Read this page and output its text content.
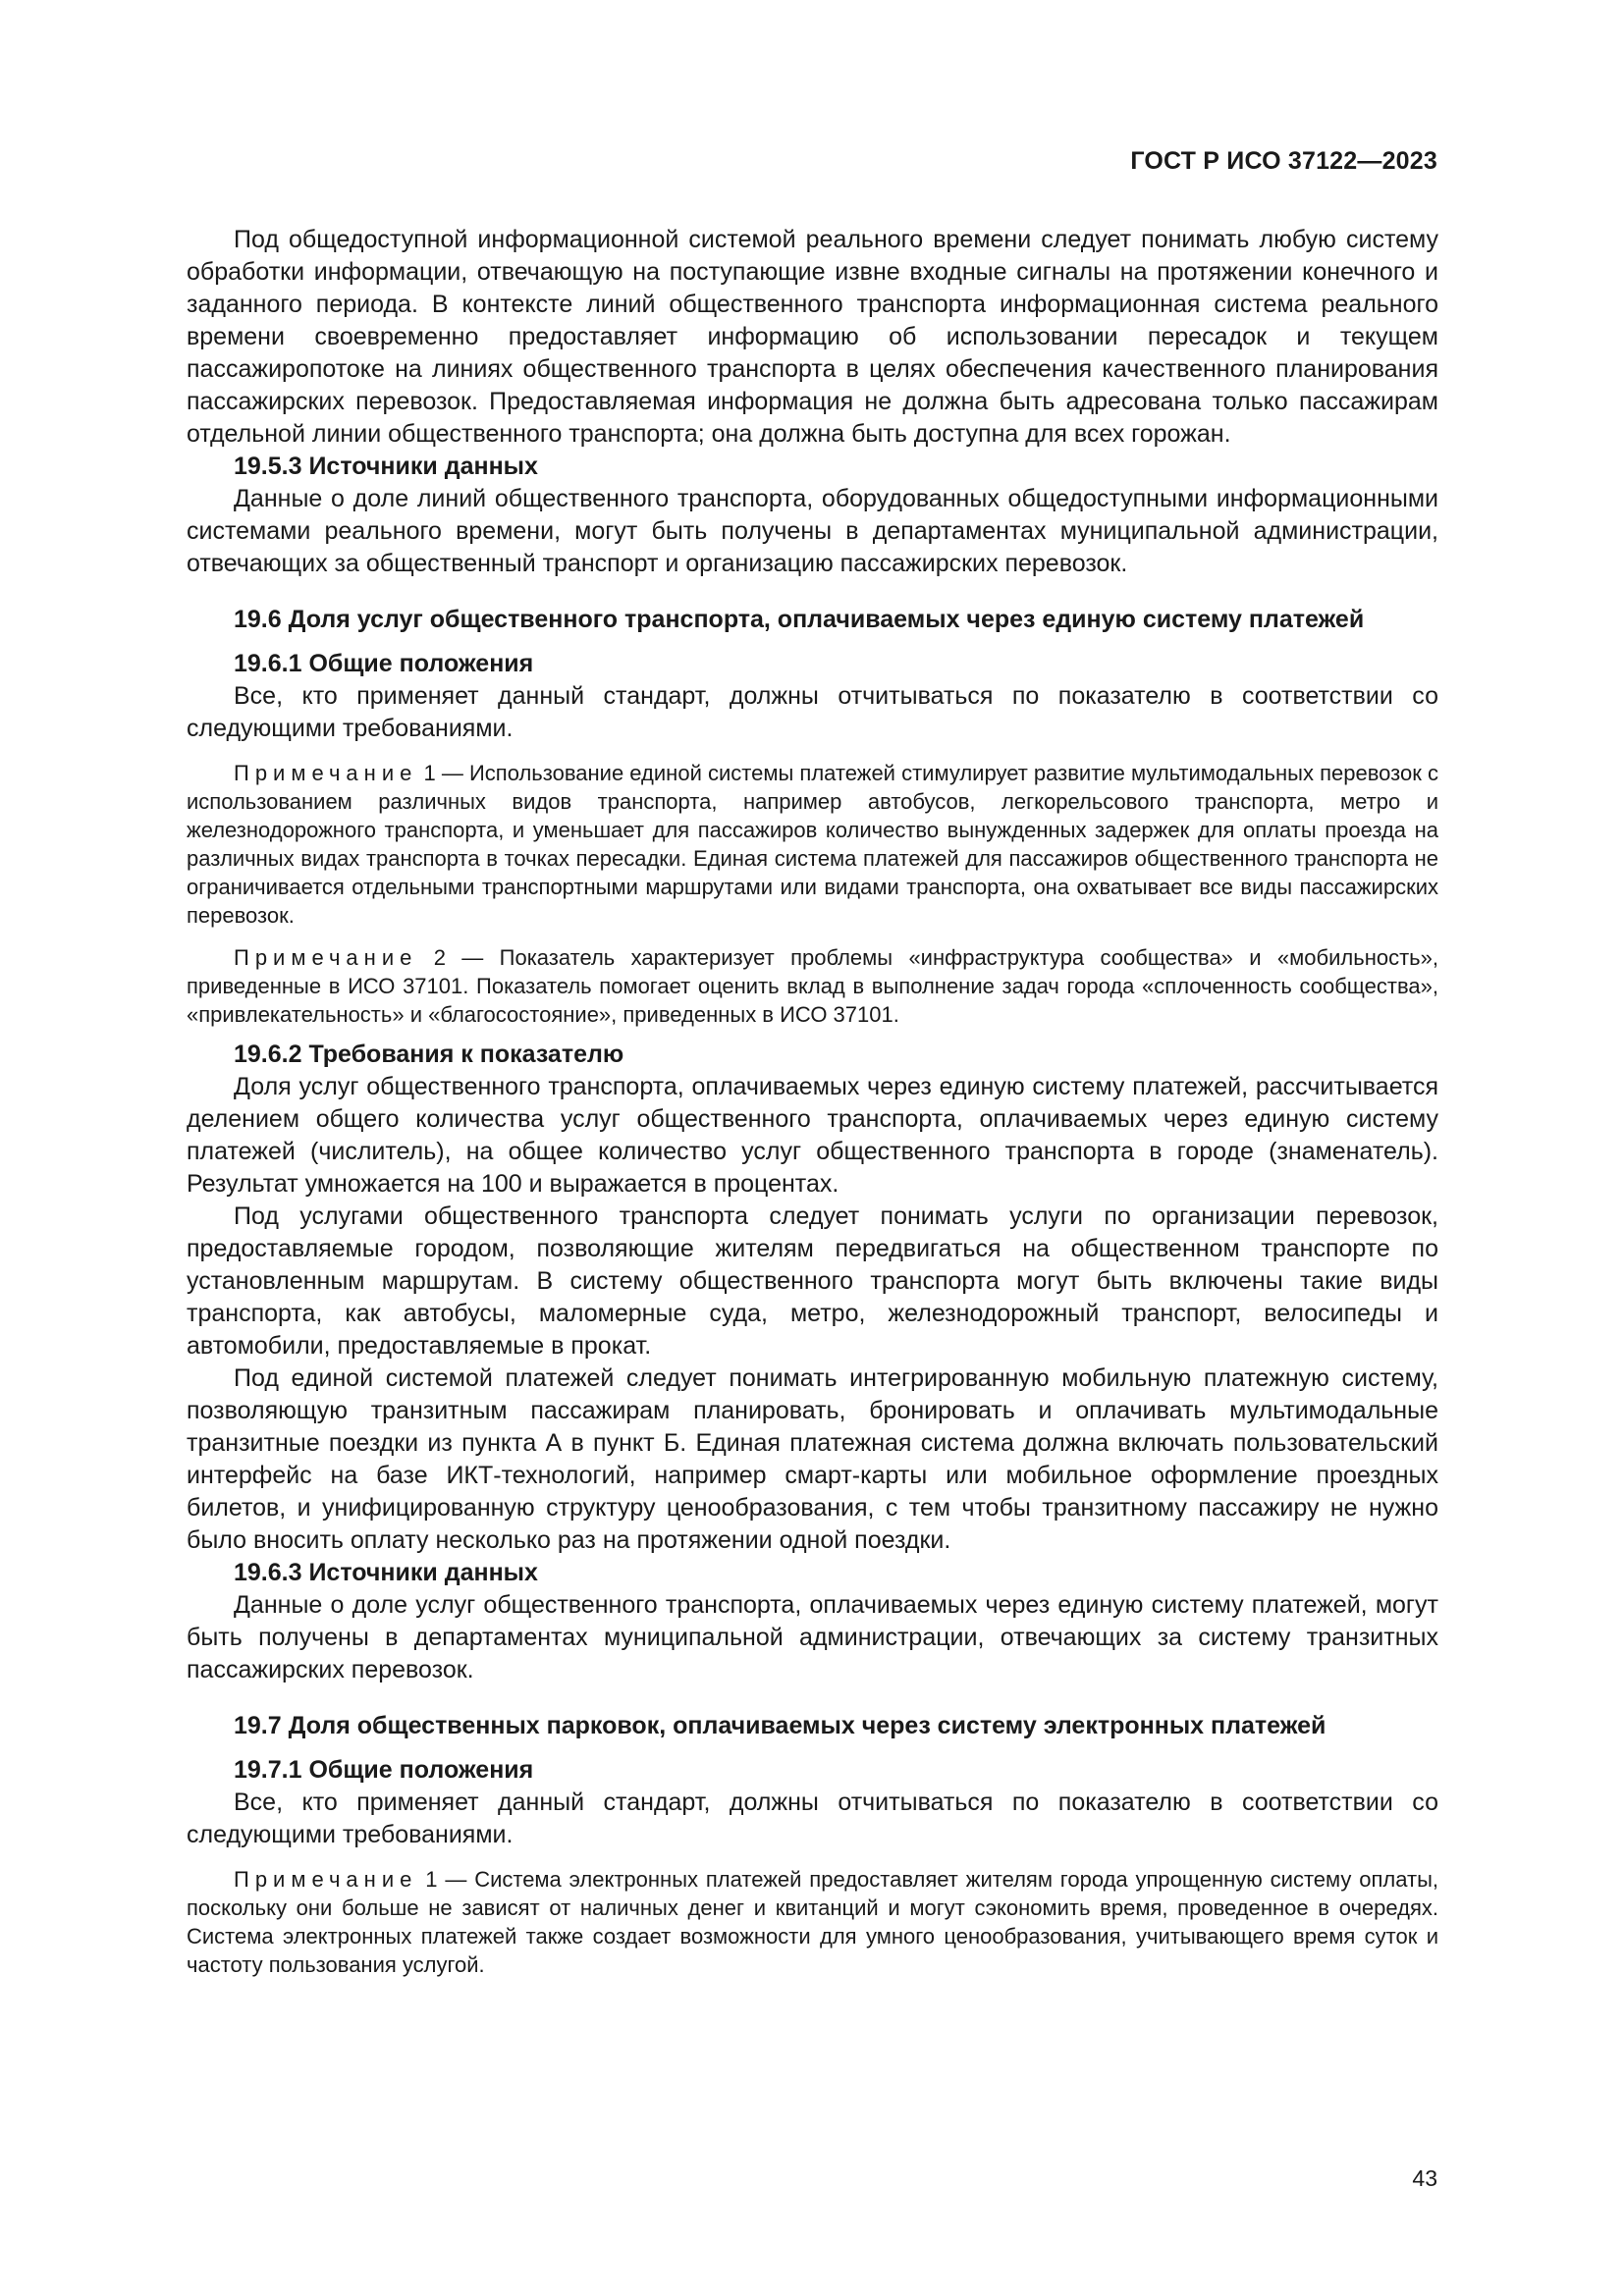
ГОСТ Р ИСО 37122—2023

Под общедоступной информационной системой реального времени следует понимать любую систему обработки информации, отвечающую на поступающие извне входные сигналы на протяжении конечного и заданного периода. В контексте линий общественного транспорта информационная система реального времени своевременно предоставляет информацию об использовании пересадок и текущем пассажиропотоке на линиях общественного транспорта в целях обеспечения качественного планирования пассажирских перевозок. Предоставляемая информация не должна быть адресована только пассажирам отдельной линии общественного транспорта; она должна быть доступна для всех горожан.

19.5.3 Источники данных

Данные о доле линий общественного транспорта, оборудованных общедоступными информационными системами реального времени, могут быть получены в департаментах муниципальной администрации, отвечающих за общественный транспорт и организацию пассажирских перевозок.

19.6 Доля услуг общественного транспорта, оплачиваемых через единую систему платежей
19.6.1 Общие положения

Все, кто применяет данный стандарт, должны отчитываться по показателю в соответствии со следующими требованиями.

Примечание 1 — Использование единой системы платежей стимулирует развитие мультимодальных перевозок с использованием различных видов транспорта, например автобусов, легкорельсового транспорта, метро и железнодорожного транспорта, и уменьшает для пассажиров количество вынужденных задержек для оплаты проезда на различных видах транспорта в точках пересадки. Единая система платежей для пассажиров общественного транспорта не ограничивается отдельными транспортными маршрутами или видами транспорта, она охватывает все виды пассажирских перевозок.
Примечание 2 — Показатель характеризует проблемы «инфраструктура сообщества» и «мобильность», приведенные в ИСО 37101. Показатель помогает оценить вклад в выполнение задач города «сплоченность сообщества», «привлекательность» и «благосостояние», приведенных в ИСО 37101.
19.6.2 Требования к показателю

Доля услуг общественного транспорта, оплачиваемых через единую систему платежей, рассчитывается делением общего количества услуг общественного транспорта, оплачиваемых через единую систему платежей (числитель), на общее количество услуг общественного транспорта в городе (знаменатель). Результат умножается на 100 и выражается в процентах.

Под услугами общественного транспорта следует понимать услуги по организации перевозок, предоставляемые городом, позволяющие жителям передвигаться на общественном транспорте по установленным маршрутам. В систему общественного транспорта могут быть включены такие виды транспорта, как автобусы, маломерные суда, метро, железнодорожный транспорт, велосипеды и автомобили, предоставляемые в прокат.

Под единой системой платежей следует понимать интегрированную мобильную платежную систему, позволяющую транзитным пассажирам планировать, бронировать и оплачивать мультимодальные транзитные поездки из пункта А в пункт Б. Единая платежная система должна включать пользовательский интерфейс на базе ИКТ-технологий, например смарт-карты или мобильное оформление проездных билетов, и унифицированную структуру ценообразования, с тем чтобы транзитному пассажиру не нужно было вносить оплату несколько раз на протяжении одной поездки.

19.6.3 Источники данных

Данные о доле услуг общественного транспорта, оплачиваемых через единую систему платежей, могут быть получены в департаментах муниципальной администрации, отвечающих за систему транзитных пассажирских перевозок.

19.7 Доля общественных парковок, оплачиваемых через систему электронных платежей
19.7.1 Общие положения

Все, кто применяет данный стандарт, должны отчитываться по показателю в соответствии со следующими требованиями.

Примечание 1 — Система электронных платежей предоставляет жителям города упрощенную систему оплаты, поскольку они больше не зависят от наличных денег и квитанций и могут сэкономить время, проведенное в очередях. Система электронных платежей также создает возможности для умного ценообразования, учитывающего время суток и частоту пользования услугой.
43
